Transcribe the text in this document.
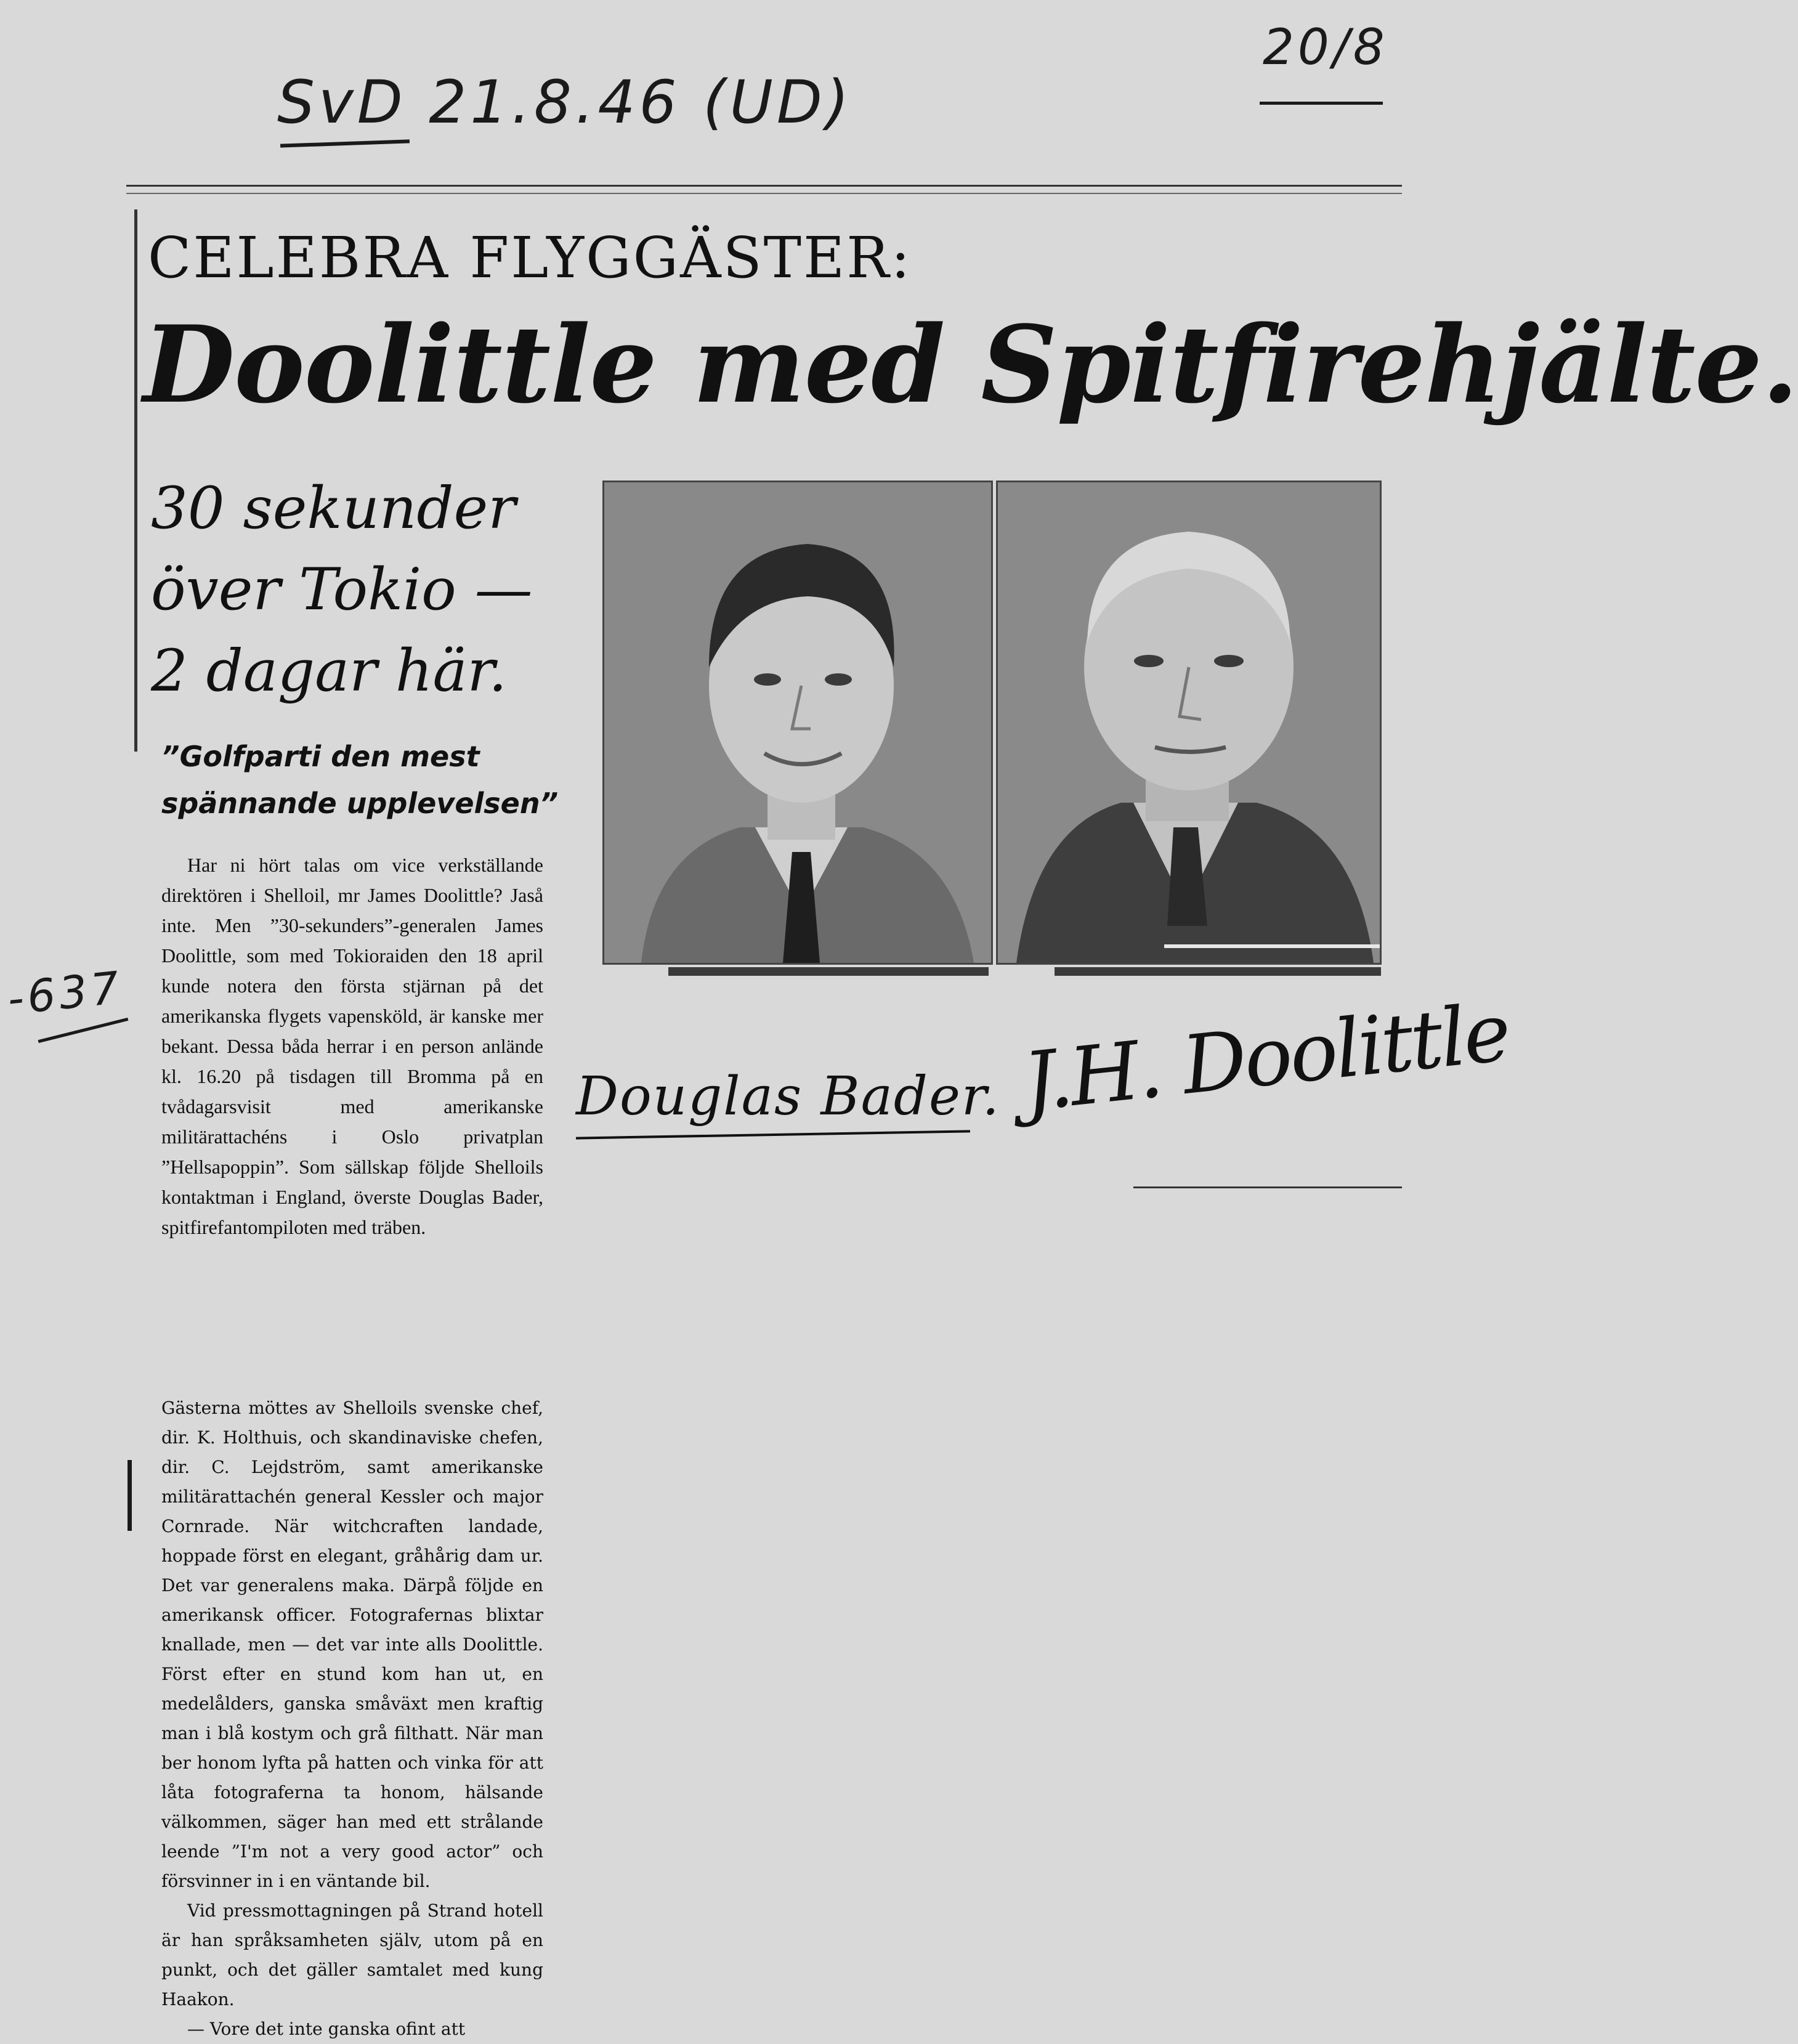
SvD 21.8.46 (UD)
20/8
-637
CELEBRA FLYGGÄSTER:
Doolittle med Spitfirehjälte.
30 sekunder
över Tokio —
2 dagar här.
”Golfparti den mest
spännande upplevelsen”

Har ni hört talas om vice verkställande direktören i Shelloil, mr James Doolittle? Jaså inte. Men ”30-sekunders”-generalen James Doolittle, som med Tokioraiden den 18 april kunde notera den första stjärnan på det amerikanska flygets vapensköld, är kanske mer bekant. Dessa båda herrar i en person anlände kl. 16.20 på tisdagen till Bromma på en tvådagarsvisit med amerikanske militärattachéns i Oslo privatplan ”Hellsapoppin”. Som sällskap följde Shelloils kontaktman i England, överste Douglas Bader, spitfirefantompiloten med träben.

Gästerna möttes av Shelloils svenske chef, dir. K. Holthuis, och skandinaviske chefen, dir. C. Lejdström, samt amerikanske militärattachén general Kessler och major Cornrade. När witchcraften landade, hoppade först en elegant, gråhårig dam ur. Det var generalens maka. Därpå följde en amerikansk officer. Fotografernas blixtar knallade, men — det var inte alls Doolittle. Först efter en stund kom han ut, en medelålders, ganska småväxt men kraftig man i blå kostym och grå filthatt. När man ber honom lyfta på hatten och vinka för att låta fotograferna ta honom, hälsande välkommen, säger han med ett strålande leende ”I'm not a very good actor” och försvinner in i en väntande bil.

Vid pressmottagningen på Strand hotell är han språksamheten själv, utom på en punkt, och det gäller samtalet med kung Haakon.

— Vore det inte ganska ofint att

Douglas Bader. J.H. Doolittle
